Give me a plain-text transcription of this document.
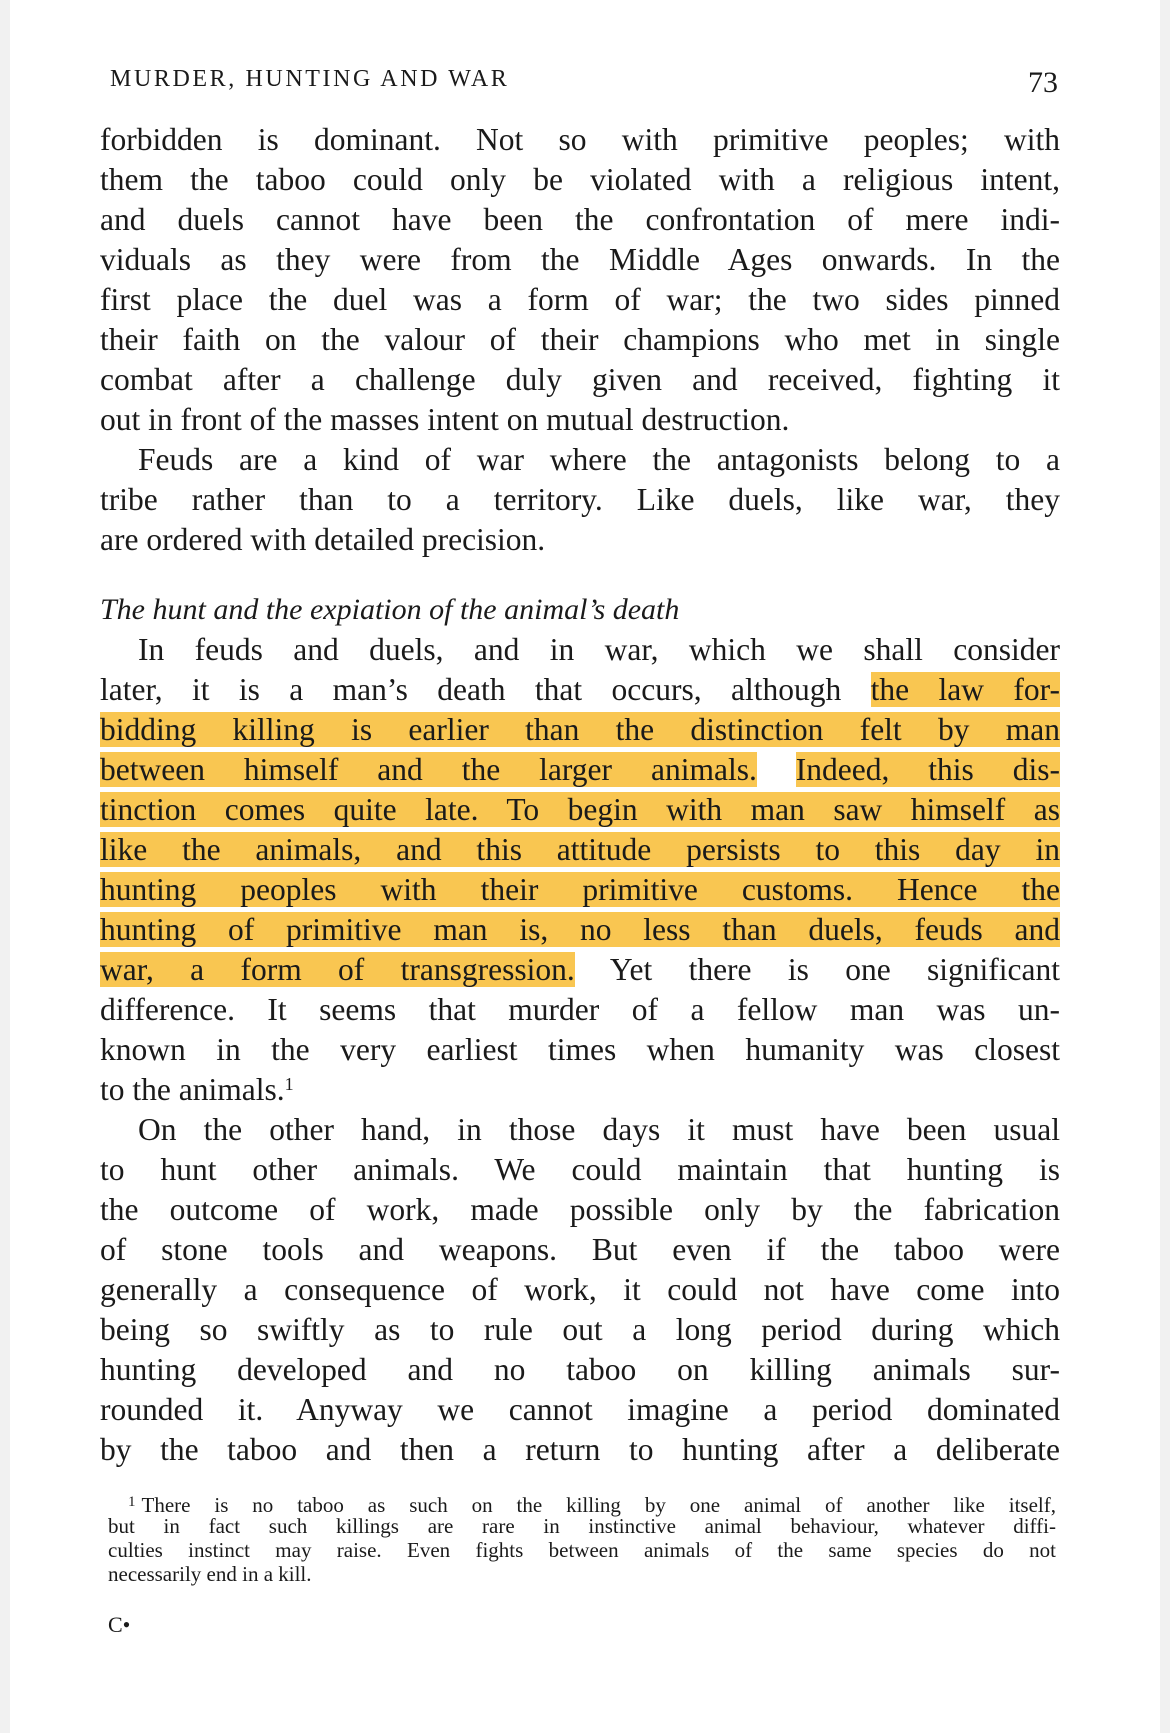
MURDER, HUNTING AND WAR	73
forbidden is dominant. Not so with primitive peoples; with
them the taboo could only be violated with a religious intent,
and duels cannot have been the confrontation of mere indi-
viduals as they were from the Middle Ages onwards. In the
first place the duel was a form of war; the two sides pinned
their faith on the valour of their champions who met in single
combat after a challenge duly given and received, fighting it
out in front of the masses intent on mutual destruction.
Feuds are a kind of war where the antagonists belong to a
tribe rather than to a territory. Like duels, like war, they
are ordered with detailed precision.
The hunt and the expiation of the animal’s death
In feuds and duels, and in war, which we shall consider
later, it is a man’s death that occurs, although the law for-
bidding killing is earlier than the distinction felt by man
between himself and the larger animals. Indeed, this dis-
tinction comes quite late. To begin with man saw himself as
like the animals, and this attitude persists to this day in
hunting peoples with their primitive customs. Hence the
hunting of primitive man is, no less than duels, feuds and
war, a form of transgression. Yet there is one significant
difference. It seems that murder of a fellow man was un-
known in the very earliest times when humanity was closest
to the animals.$^1$
On the other hand, in those days it must have been usual
to hunt other animals. We could maintain that hunting is
the outcome of work, made possible only by the fabrication
of stone tools and weapons. But even if the taboo were
generally a consequence of work, it could not have come into
being so swiftly as to rule out a long period during which
hunting developed and no taboo on killing animals sur-
rounded it. Anyway we cannot imagine a period dominated
by the taboo and then a return to hunting after a deliberate
$^1$ There is no taboo as such on the killing by one animal of another like itself,
but in fact such killings are rare in instinctive animal behaviour, whatever diffi-
culties instinct may raise. Even fights between animals of the same species do not
necessarily end in a kill.
C•
